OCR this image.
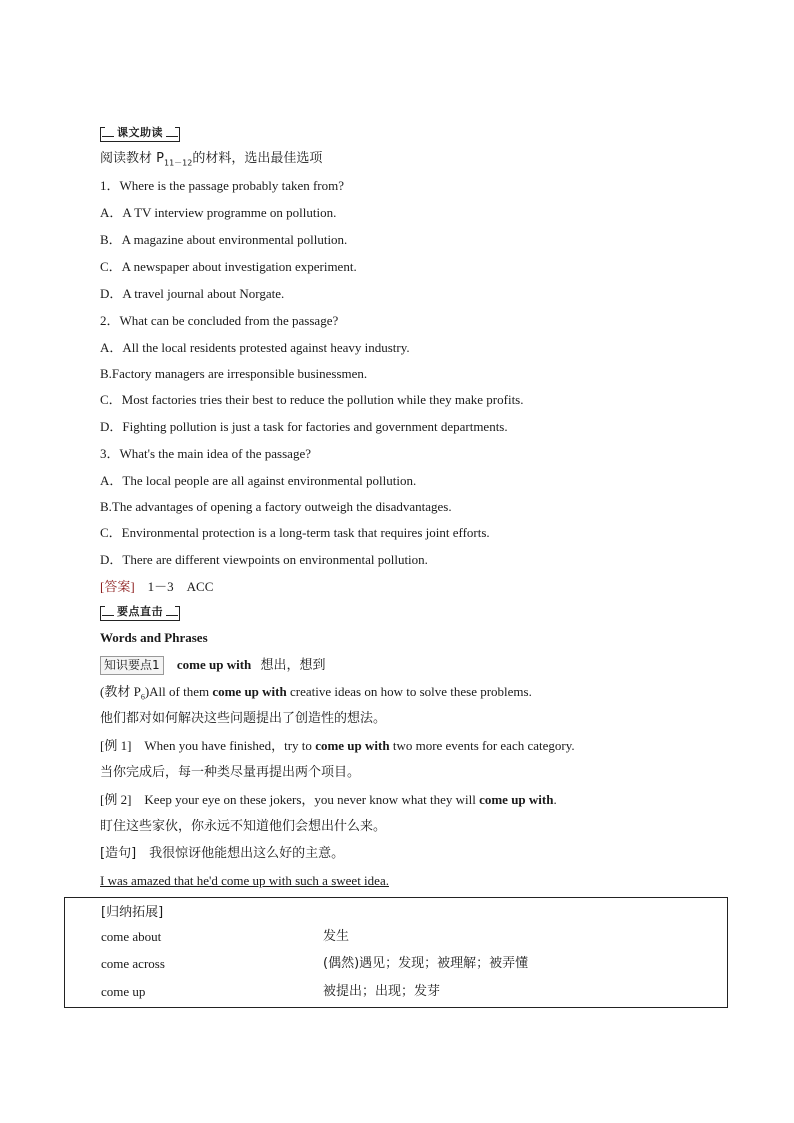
课文助读
阅读教材 $P_{11-12}$的材料，选出最佳选项
1．Where is the passage probably taken from?
A．A TV interview programme on pollution.
B．A magazine about environmental pollution.
C．A newspaper about investigation experiment.
D．A travel journal about Norgate.
2．What can be concluded from the passage?
A．All the local residents protested against heavy industry.
B.Factory managers are irresponsible businessmen.
C．Most factories tries their best to reduce the pollution while they make profits.
D．Fighting pollution is just a task for factories and government departments.
3．What's the main idea of the passage?
A．The local people are all against environmental pollution.
B.The advantages of opening a factory outweigh the disadvantages.
C．Environmental protection is a long-term task that requires joint efforts.
D．There are different viewpoints on environmental pollution.
[答案]　1－3　ACC
要点直击
Words and Phrases
知识要点1 come up with 想出，想到
(教材 $P_6)All$ of them come up with creative ideas on how to solve these problems.
他们都对如何解决这些问题提出了创造性的想法。
[例 1]　When you have finished，try to come up with two more events for each category.
当你完成后，每一种类尽量再提出两个项目。
[例 2]　Keep your eye on these jokers，you never know what they will come up with.
盯住这些家伙，你永远不知道他们会想出什么来。
[造句]　我很惊讶他能想出这么好的主意。
I was amazed that he'd come up with such a sweet idea.
[归纳拓展]
come about	发生
come across	(偶然)遇见；发现；被理解；被弄懂
come up	被提出；出现；发芽
